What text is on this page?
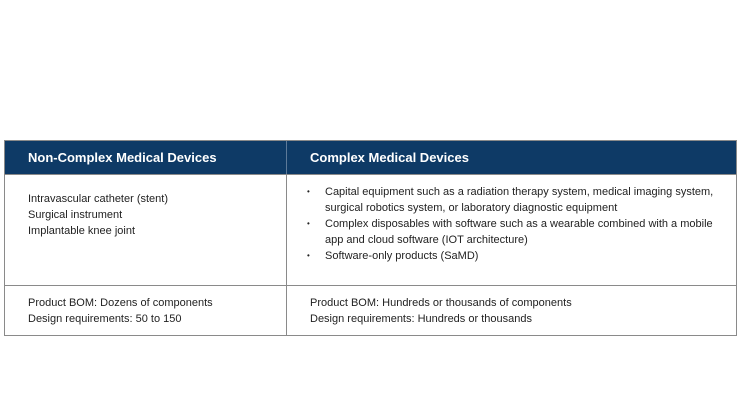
Non-Complex Medical Devices	Complex Medical Devices
Intravascular catheter (stent)
Surgical instrument
Implantable knee joint
• Capital equipment such as a radiation therapy system, medical imaging system,
surgical robotics system, or laboratory diagnostic equipment
• Complex disposables with software such as a wearable combined with a mobile
app and cloud software (IOT architecture)
• Software-only products (SaMD)
Product BOM: Dozens of components
Design requirements: 50 to 150
Product BOM: Hundreds or thousands of components
Design requirements: Hundreds or thousands
